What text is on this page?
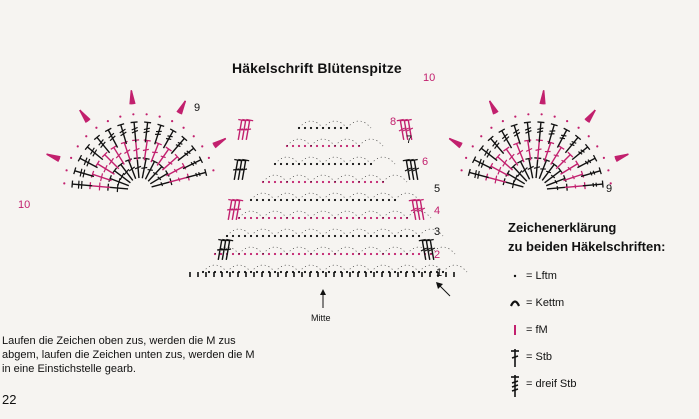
1
2
3
4
5
6
7
8
9
9
10
10
Häkelschrift Blütenspitze
Zeichenerklärung
zu beiden Häkelschriften:
= Lftm
= Kettm
= fM
= Stb
= dreif Stb
Mitte
Laufen die Zeichen oben zus, werden die M zus abgem, laufen die Zeichen unten zus, werden die M in eine Einstichstelle gearb.
22
